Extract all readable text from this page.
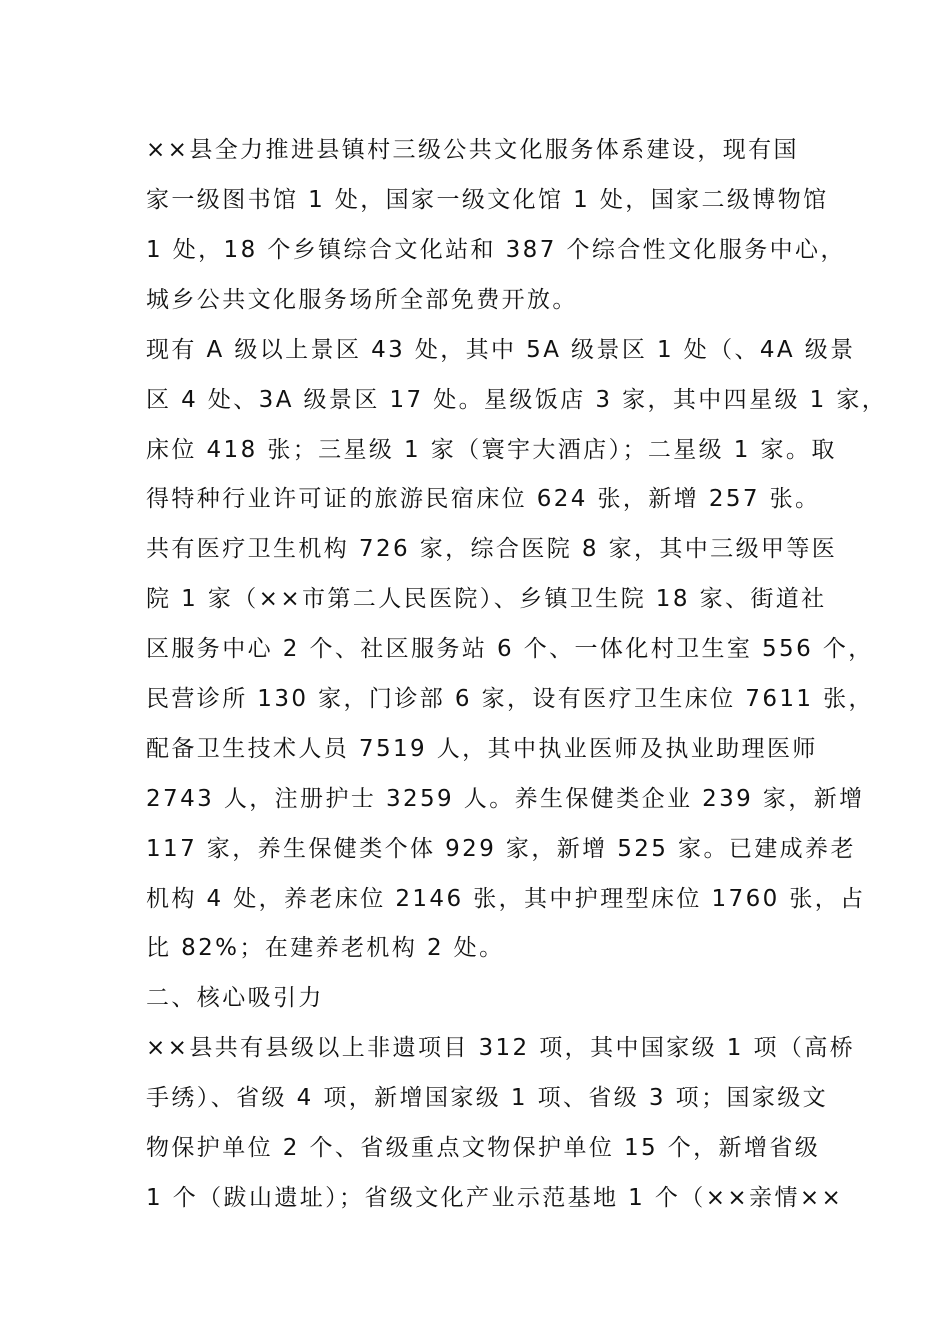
××县全力推进县镇村三级公共文化服务体系建设，现有国
家一级图书馆 1 处，国家一级文化馆 1 处，国家二级博物馆
1 处，18 个乡镇综合文化站和 387 个综合性文化服务中心，
城乡公共文化服务场所全部免费开放。
现有 A 级以上景区 43 处，其中 5A 级景区 1 处（、4A 级景
区 4 处、3A 级景区 17 处。星级饭店 3 家，其中四星级 1 家，
床位 418 张；三星级 1 家（寰宇大酒店）；二星级 1 家。取
得特种行业许可证的旅游民宿床位 624 张，新增 257 张。
共有医疗卫生机构 726 家，综合医院 8 家，其中三级甲等医
院 1 家（××市第二人民医院）、乡镇卫生院 18 家、街道社
区服务中心 2 个、社区服务站 6 个、一体化村卫生室 556 个，
民营诊所 130 家，门诊部 6 家，设有医疗卫生床位 7611 张，
配备卫生技术人员 7519 人，其中执业医师及执业助理医师
2743 人，注册护士 3259 人。养生保健类企业 239 家，新增
117 家，养生保健类个体 929 家，新增 525 家。已建成养老
机构 4 处，养老床位 2146 张，其中护理型床位 1760 张，占
比 82%；在建养老机构 2 处。
二、核心吸引力
××县共有县级以上非遗项目 312 项，其中国家级 1 项（高桥
手绣）、省级 4 项，新增国家级 1 项、省级 3 项；国家级文
物保护单位 2 个、省级重点文物保护单位 15 个，新增省级
1 个（跋山遗址）；省级文化产业示范基地 1 个（××亲情××
